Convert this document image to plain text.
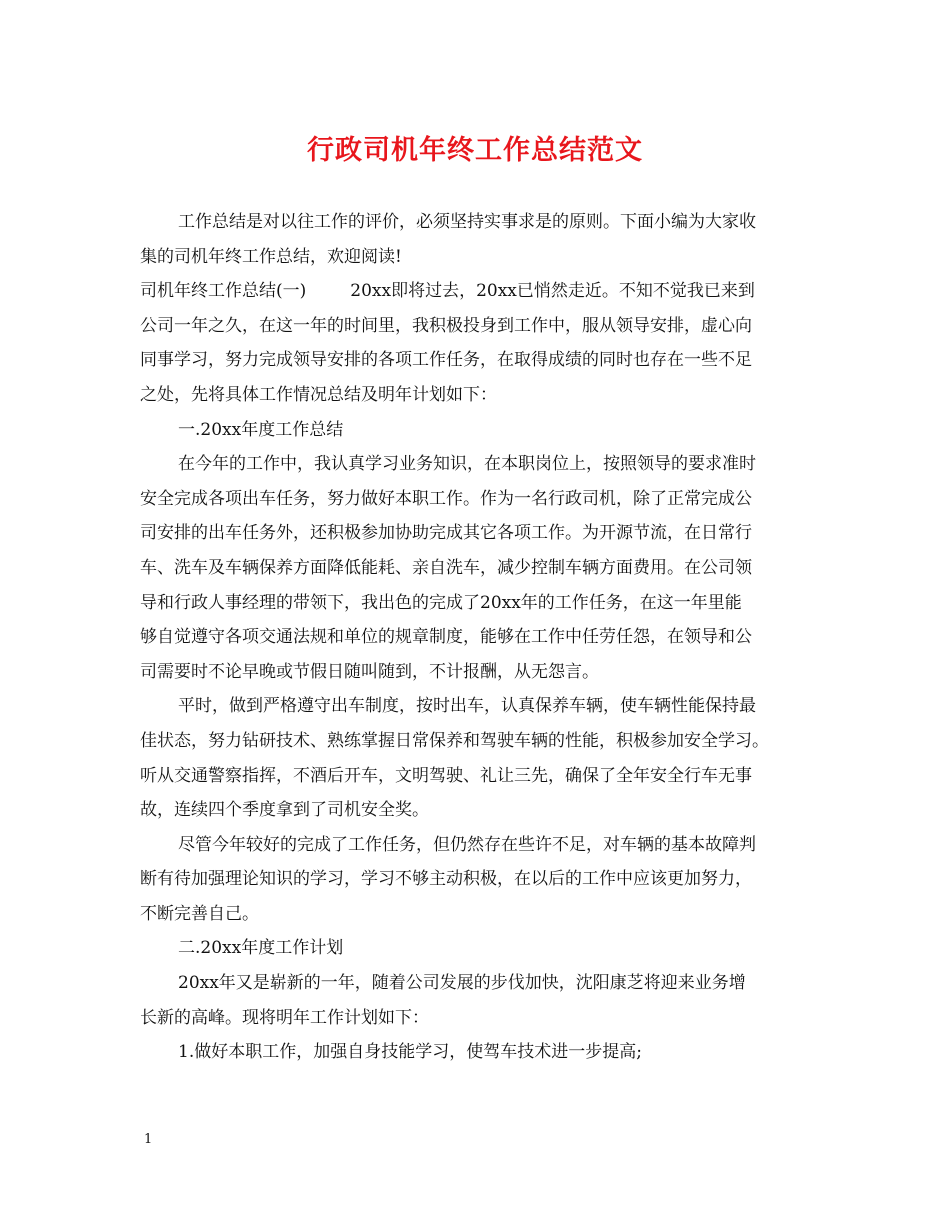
行政司机年终工作总结范文
工作总结是对以往工作的评价，必须坚持实事求是的原则。下面小编为大家收
集的司机年终工作总结，欢迎阅读!
司机年终工作总结(一)	20xx即将过去，20xx已悄然走近。不知不觉我已来到
公司一年之久，在这一年的时间里，我积极投身到工作中，服从领导安排，虚心向
同事学习，努力完成领导安排的各项工作任务，在取得成绩的同时也存在一些不足
之处，先将具体工作情况总结及明年计划如下：
一.20xx年度工作总结
在今年的工作中，我认真学习业务知识，在本职岗位上，按照领导的要求准时
安全完成各项出车任务，努力做好本职工作。作为一名行政司机，除了正常完成公
司安排的出车任务外，还积极参加协助完成其它各项工作。为开源节流，在日常行
车、洗车及车辆保养方面降低能耗、亲自洗车，减少控制车辆方面费用。在公司领
导和行政人事经理的带领下，我出色的完成了20xx年的工作任务，在这一年里能
够自觉遵守各项交通法规和单位的规章制度，能够在工作中任劳任怨，在领导和公
司需要时不论早晚或节假日随叫随到，不计报酬，从无怨言。
平时，做到严格遵守出车制度，按时出车，认真保养车辆，使车辆性能保持最
佳状态，努力钻研技术、熟练掌握日常保养和驾驶车辆的性能，积极参加安全学习。
听从交通警察指挥，不酒后开车，文明驾驶、礼让三先，确保了全年安全行车无事
故，连续四个季度拿到了司机安全奖。
尽管今年较好的完成了工作任务，但仍然存在些许不足，对车辆的基本故障判
断有待加强理论知识的学习，学习不够主动积极，在以后的工作中应该更加努力，
不断完善自己。
二.20xx年度工作计划
20xx年又是崭新的一年，随着公司发展的步伐加快，沈阳康芝将迎来业务增
长新的高峰。现将明年工作计划如下：
1.做好本职工作，加强自身技能学习，使驾车技术进一步提高;
1
